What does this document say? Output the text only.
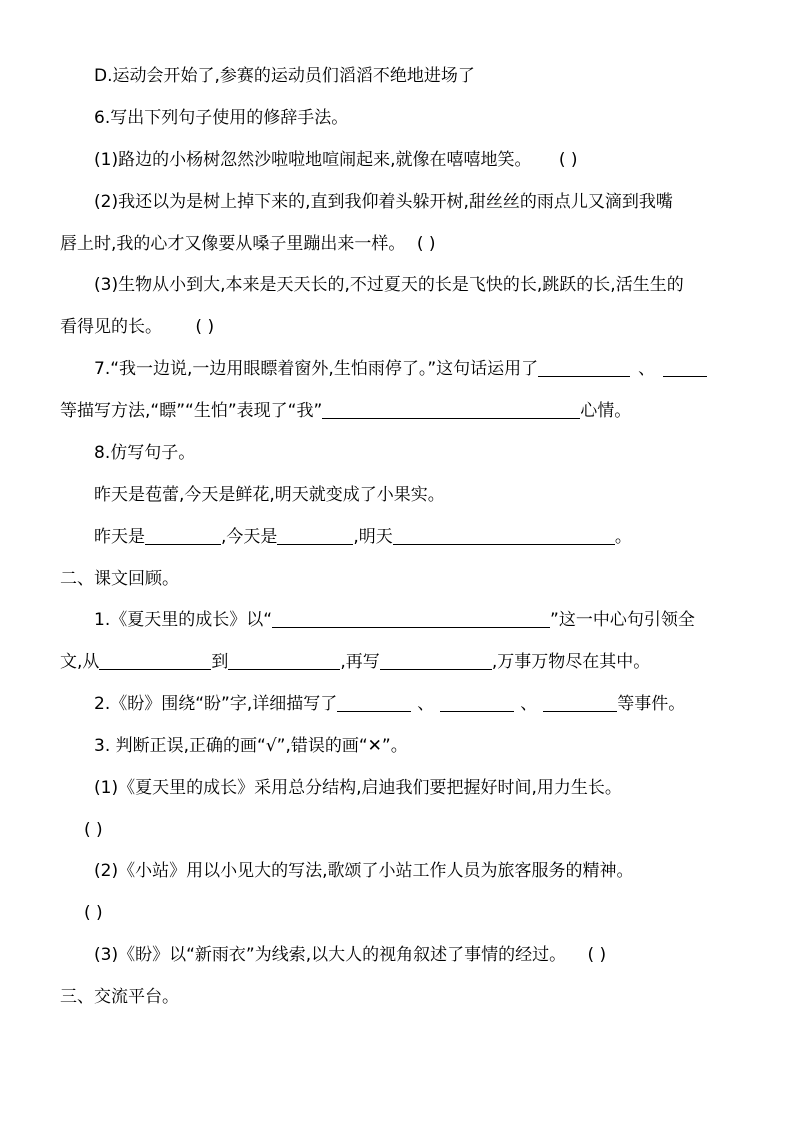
D.运动会开始了,参赛的运动员们滔滔不绝地进场了
6.写出下列句子使用的修辞手法。
(1)路边的小杨树忽然沙啦啦地喧闹起来,就像在嘻嘻地笑。 ( )
(2)我还以为是树上掉下来的,直到我仰着头躲开树,甜丝丝的雨点儿又滴到我嘴
唇上时,我的心才又像要从嗓子里蹦出来一样。 ( )
(3)生物从小到大,本来是天天长的,不过夏天的长是飞快的长,跳跃的长,活生生的
看得见的长。 ( )
7.“我一边说,一边用眼瞟着窗外,生怕雨停了。”这句话运用了	、
等描写方法,“瞟”“生怕”表现了“我”	心情。
8.仿写句子。
昨天是苞蕾,今天是鲜花,明天就变成了小果实。
昨天是	,今天是	,明天	。
二、课文回顾。
1.《夏天里的成长》以“	”这一中心句引领全
文,从	到	,再写	,万事万物尽在其中。
2.《盼》围绕“盼”字,详细描写了	、	、	等事件。
3. 判断正误,正确的画“√”,错误的画“✕”。
(1)《夏天里的成长》采用总分结构,启迪我们要把握好时间,用力生长。
( )
(2)《小站》用以小见大的写法,歌颂了小站工作人员为旅客服务的精神。
( )
(3)《盼》以“新雨衣”为线索,以大人的视角叙述了事情的经过。 ( )
三、交流平台。
